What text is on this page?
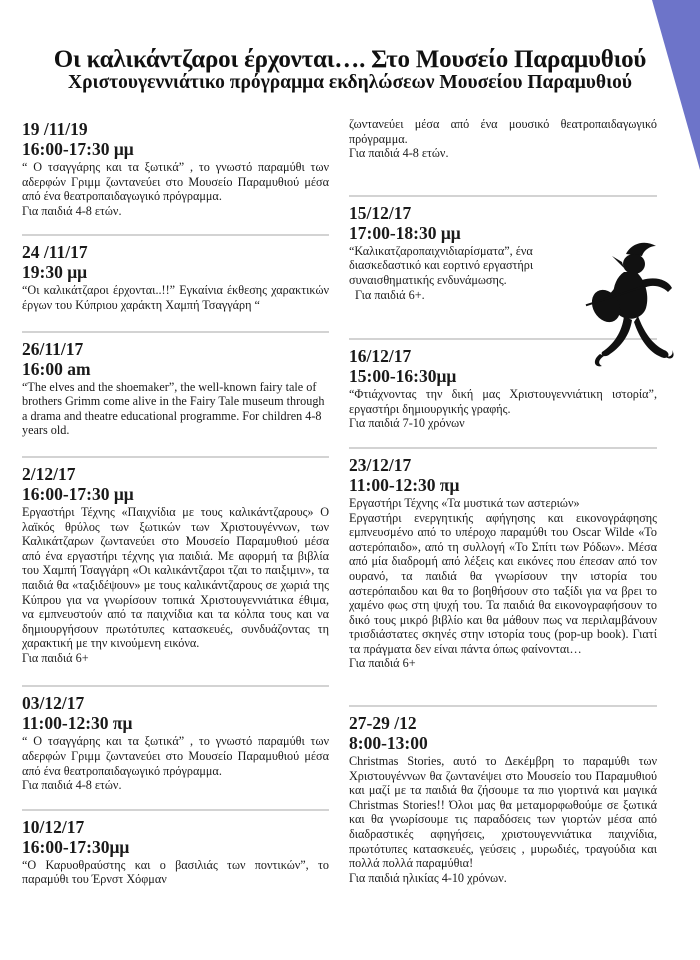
Οι καλικάντζαροι έρχονται…. Στο Μουσείο Παραμυθιού
Χριστουγεννιάτικο πρόγραμμα εκδηλώσεων Μουσείου Παραμυθιού
19 /11/19
16:00-17:30 μμ

“ Ο τσαγγάρης και τα ξωτικά” , το γνωστό παραμύθι των αδερφών Γριμμ ζωντανεύει στο Μουσείο Παραμυθιού μέσα από ένα θεατροπαιδαγωγικό πρόγραμμα.

Για παιδιά 4-8 ετών.

24 /11/17
19:30 μμ

“Οι καλικάτζαροι έρχονται..!!” Εγκαίνια έκθεσης χαρακτικών έργων του Κύπριου χαράκτη Χαμπή Τσαγγάρη “

26/11/17
16:00 am

“The elves and the shoemaker”, the well-known fairy tale of brothers Grimm come alive in the Fairy Tale museum through a drama and theatre educational programme. For children 4-8 years old.

2/12/17
16:00-17:30 μμ

Εργαστήρι Τέχνης «Παιχνίδια με τους καλικάντζαρους» Ο λαϊκός θρύλος των ξωτικών των Χριστουγέννων, των Καλικάτζαρων ζωντανεύει στο Μουσείο Παραμυθιού μέσα από ένα εργαστήρι τέχνης για παιδιά. Με αφορμή τα βιβλία του Χαμπή Τσαγγάρη «Οι καλικάντζαροι τζαι το παιξιμιν», τα παιδιά θα «ταξιδέψουν» με τους καλικάντζαρους σε χωριά της Κύπρου για να γνωρίσουν τοπικά Χριστουγεννιάτικα έθιμα, να εμπνευστούν από τα παιχνίδια και τα κόλπα τους και να δημιουργήσουν πρωτότυπες κατασκευές, συνδυάζοντας τη χαρακτική με την κινούμενη εικόνα.

Για παιδιά 6+

03/12/17
11:00-12:30 πμ

“ Ο τσαγγάρης και τα ξωτικά” , το γνωστό παραμύθι των αδερφών Γριμμ ζωντανεύει στο Μουσείο Παραμυθιού μέσα από ένα θεατροπαιδαγωγικό πρόγραμμα.

Για παιδιά 4-8 ετών.

10/12/17
16:00-17:30μμ

“Ο Καρυοθραύστης και ο βασιλιάς των ποντικών”, το παραμύθι του Έρνστ Χόφμαν

ζωντανεύει μέσα από ένα μουσικό θεατροπαιδαγωγικό πρόγραμμα.

Για παιδιά 4-8 ετών.

15/12/17
17:00-18:30 μμ

“Καλικατζαροπαιχνιδιαρίσματα”, ένα διασκεδαστικό και εορτινό εργαστήρι συναισθηματικής ενδυνάμωσης.

Για παιδιά 6+.

16/12/17
15:00-16:30μμ

“Φτιάχνοντας την δική μας Χριστουγεννιάτικη ιστορία”, εργαστήρι δημιουργικής γραφής.

Για παιδιά 7-10 χρόνων

23/12/17
11:00-12:30 πμ

Εργαστήρι Τέχνης «Τα μυστικά των αστεριών»

Εργαστήρι ενεργητικής αφήγησης και εικονογράφησης εμπνευσμένο από το υπέροχο παραμύθι του Oscar Wilde «Το αστερόπαιδο», από τη συλλογή «Το Σπίτι των Ρόδων». Μέσα από μία διαδρομή από λέξεις και εικόνες που έπεσαν από τον ουρανό, τα παιδιά θα γνωρίσουν την ιστορία του αστερόπαιδου και θα το βοηθήσουν στο ταξίδι για να βρει το χαμένο φως στη ψυχή του. Τα παιδιά θα εικονογραφήσουν το δικό τους μικρό βιβλίο και θα μάθουν πως να περιλαμβάνουν τρισδιάστατες σκηνές στην ιστορία τους (pop-up book). Γιατί τα πράγματα δεν είναι πάντα όπως φαίνονται…

Για παιδιά 6+

27-29 /12
8:00-13:00

Christmas Stories, αυτό το Δεκέμβρη το παραμύθι των Χριστουγέννων θα ζωντανέψει στο Μουσείο του Παραμυθιού και μαζί με τα παιδιά θα ζήσουμε τα πιο γιορτινά και μαγικά Christmas Stories!! Όλοι μας θα μεταμορφωθούμε σε ξωτικά και θα γνωρίσουμε τις παραδόσεις των γιορτών μέσα από διαδραστικές αφηγήσεις, χριστουγεννιάτικα παιχνίδια, πρωτότυπες κατασκευές, γεύσεις , μυρωδιές, τραγούδια και πολλά πολλά παραμύθια!

Για παιδιά ηλικίας 4-10 χρόνων.
